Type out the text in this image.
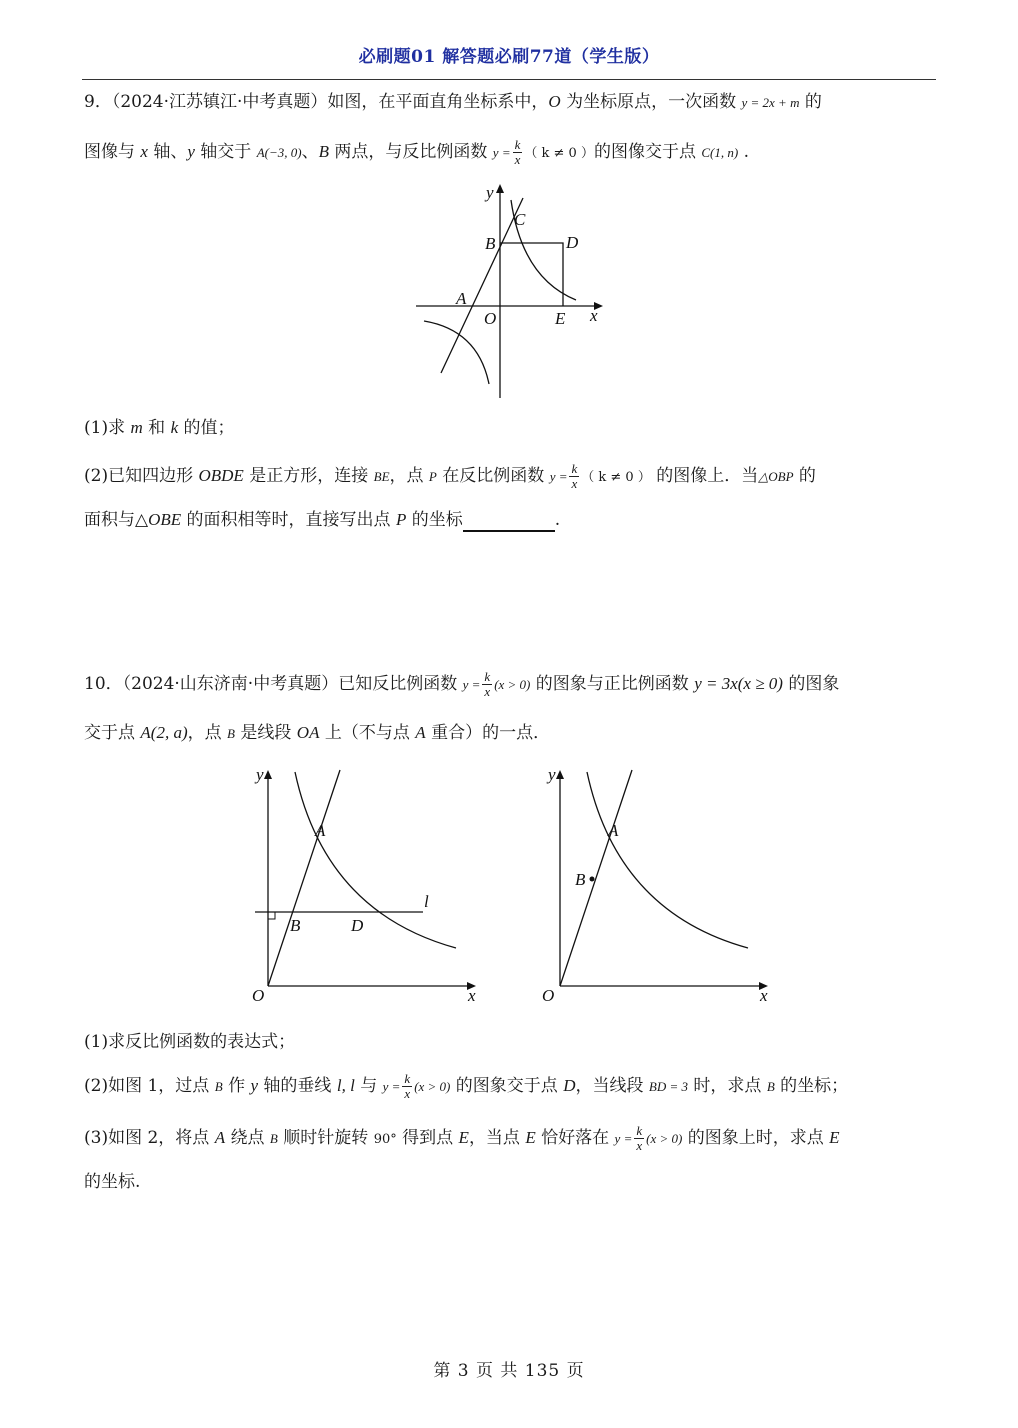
必刷题01 解答题必刷77道（学生版）
9．（2024·江苏镇江·中考真题）如图，在平面直角坐标系中，O 为坐标原点，一次函数 y = 2x + m 的
图像与 x 轴、y 轴交于 A(−3, 0)、B 两点，与反比例函数 $y = \frac{k}{x}$ （ k ≠ 0 ）的图像交于点 C(1, n) .
y
C
B	D
A
O	E x
(1)求 m 和 k 的值；
(2)已知四边形 OBDE 是正方形，连接 BE，点 P 在反比例函数 $y = \frac{k}{x}$ （ k ≠ 0 ） 的图像上．当△OBP 的
面积与△OBE 的面积相等时，直接写出点 P 的坐标	.
10．（2024·山东济南·中考真题）已知反比例函数 $y = \frac{k}{x} (x > 0)$ 的图象与正比例函数 y = 3x(x ≥ 0) 的图象
交于点 A(2, a)，点 B 是线段 OA 上（不与点 A 重合）的一点．
y
A
l
B	D
O	x
y
A
B
O	x
(1)求反比例函数的表达式；
(2)如图 1，过点 B 作 y 轴的垂线 l, l 与 $y = \frac{k}{x} (x > 0)$ 的图象交于点 D，当线段 BD = 3 时，求点 B 的坐标；
(3)如图 2，将点 A 绕点 B 顺时针旋转 90° 得到点 E，当点 E 恰好落在 $y = \frac{k}{x} (x > 0)$ 的图象上时，求点 E
的坐标.
第 3 页 共 135 页
